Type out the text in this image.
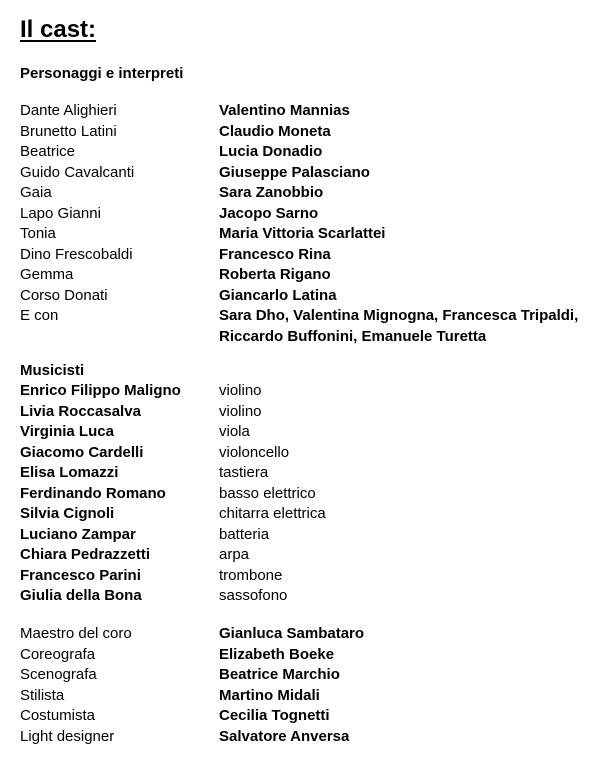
Il cast:
Personaggi e interpreti
Dante Alighieri	Valentino Mannias
Brunetto Latini	Claudio Moneta
Beatrice	Lucia Donadio
Guido Cavalcanti	Giuseppe Palasciano
Gaia	Sara Zanobbio
Lapo Gianni	Jacopo Sarno
Tonia	Maria Vittoria Scarlattei
Dino Frescobaldi	Francesco Rina
Gemma	Roberta Rigano
Corso Donati	Giancarlo Latina
E con	Sara Dho, Valentina Mignogna, Francesca Tripaldi, Riccardo Buffonini, Emanuele Turetta
Musicisti
Enrico Filippo Maligno	violino
Livia Roccasalva	violino
Virginia Luca	viola
Giacomo Cardelli	violoncello
Elisa Lomazzi	tastiera
Ferdinando Romano	basso elettrico
Silvia Cignoli	chitarra elettrica
Luciano Zampar	batteria
Chiara Pedrazzetti	arpa
Francesco Parini	trombone
Giulia della Bona	sassofono
Maestro del coro	Gianluca Sambataro
Coreografa	Elizabeth Boeke
Scenografa	Beatrice Marchio
Stilista	Martino Midali
Costumista	Cecilia Tognetti
Light designer	Salvatore Anversa
